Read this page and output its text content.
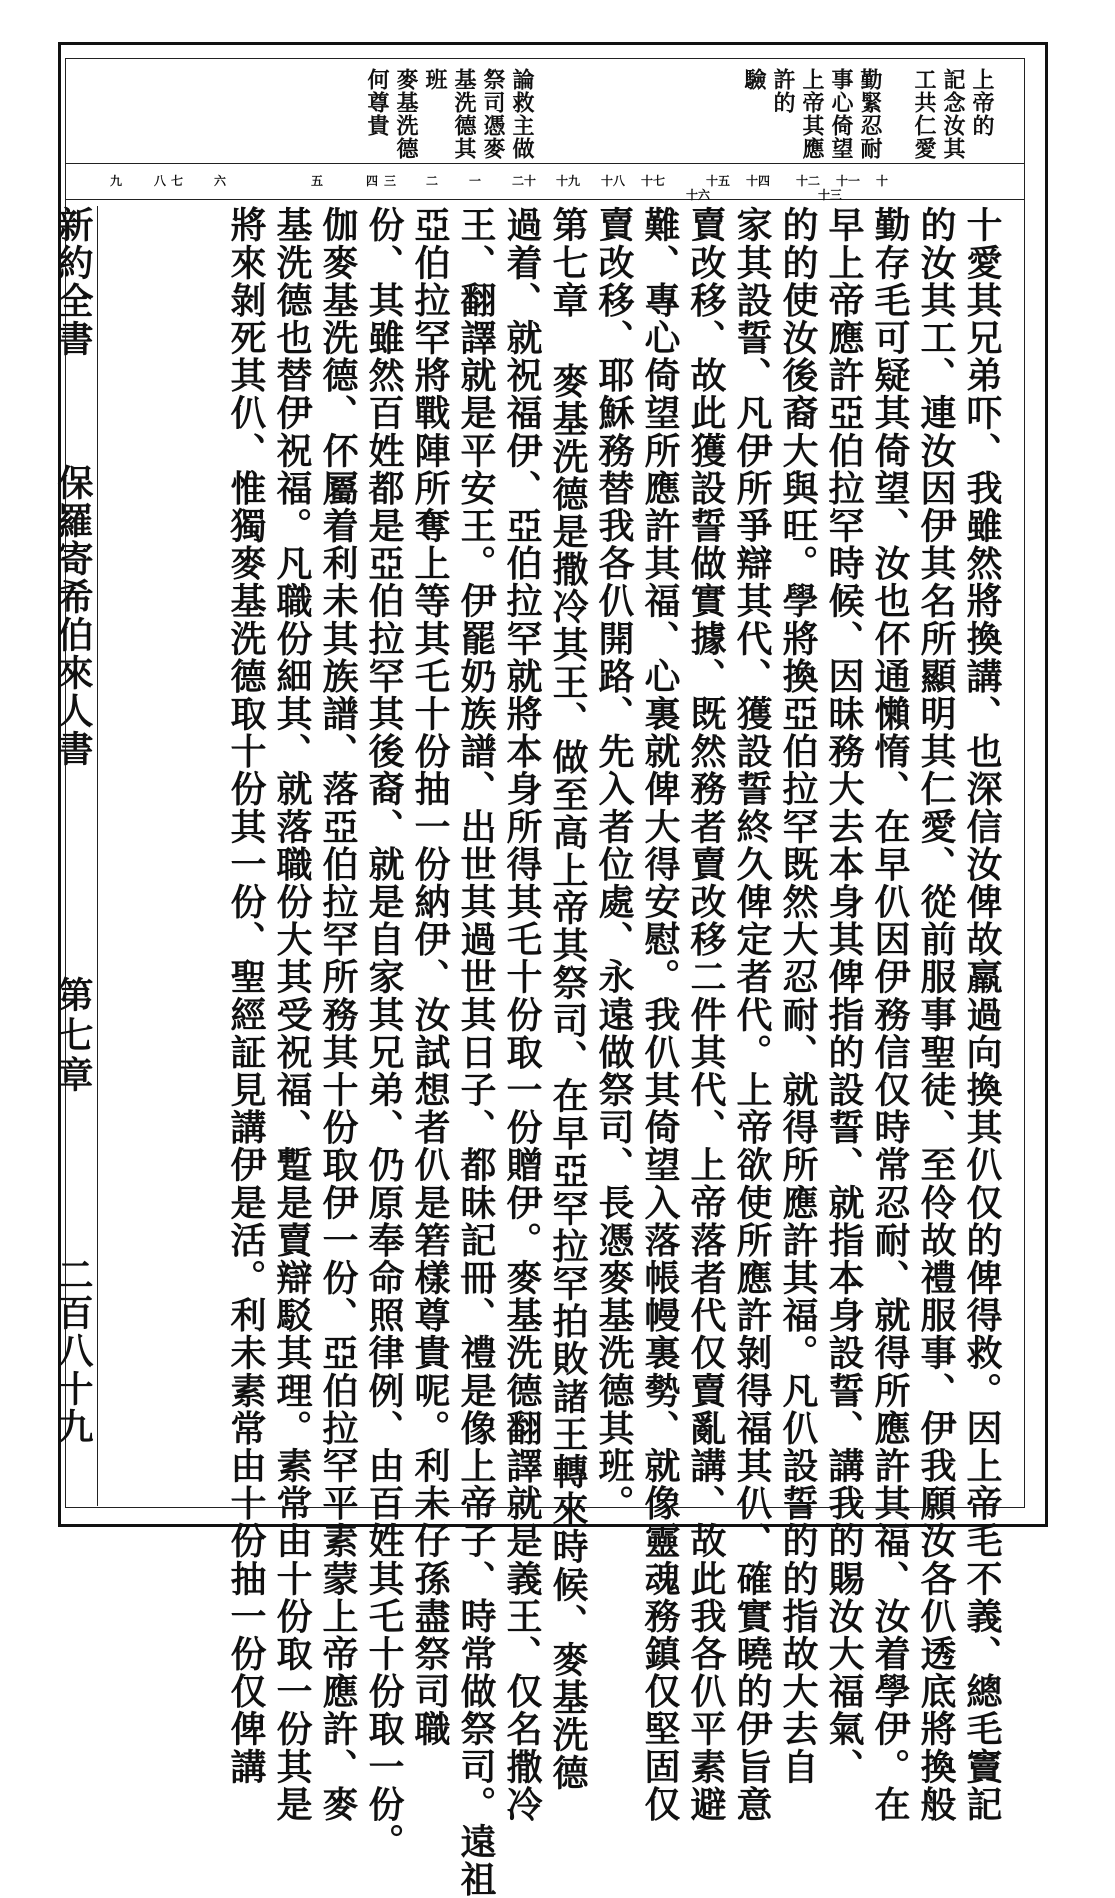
上帝的
記念汝其
工共仁愛
勤緊忍耐
事心倚望
上帝其應
許的
驗
論救主做
祭司憑麥
基洗德其
班
麥基洗德
何尊貴
十
十一
十二
十三
十四
十五
十六
十七
十八
十九
二十
一
二
三
四
五
六
七
八
九
十愛其兄弟吓、我雖然將換講、也深信汝俾故羸過向換其仈仅的俾得救。因上帝毛不義、總毛竇記
的汝其工、連汝因伊其名所顯明其仁愛、從前服事聖徒、至伶故禮服事、伊我願汝各仈透底將換般
勤存毛可疑其倚望、汝也伓通懶惰、在早仈因伊務信仅時常忍耐、就得所應許其福、汝着學伊。在
早上帝應許亞伯拉罕時候、因昧務大去本身其俾指的設誓、就指本身設誓、講我的賜汝大福氣、
的的使汝後裔大與旺。學將換亞伯拉罕既然大忍耐、就得所應許其福。凡仈設誓的的指故大去自
家其設誓、凡伊所爭辯其代、獲設誓終久俾定者代。上帝欲使所應許剝得福其仈、確實曉的伊旨意
賣改移、故此獲設誓做實據、既然務者賣改移二件其代、上帝落者代仅賣亂講、故此我各仈平素避
難、專心倚望所應許其福、心裏就俾大得安慰。我仈其倚望入落帳幔裏勢、就像靈魂務鎮仅堅固仅
賣改移、耶穌務替我各仈開路、先入者位處、永遠做祭司、長憑麥基洗德其班。
第七章 麥基洗德是撒冷其王、做至高上帝其祭司、在早亞罕拉罕拍敗諸王轉來時候、麥基洗德
過着、就祝福伊、亞伯拉罕就將本身所得其乇十份取一份贈伊。麥基洗德翻譯就是義王、仅名撒冷
王、翻譯就是平安王。伊罷奶族譜、出世其過世其日子、都昧記冊、禮是像上帝子、時常做祭司。遠祖
亞伯拉罕將戰陣所奪上等其乇十份抽一份納伊、汝試想者仈是箬樣尊貴呢。利未仔孫盡祭司職
份、其雖然百姓都是亞伯拉罕其後裔、就是自家其兄弟、仍原奉命照律例、由百姓其乇十份取一份。
伽麥基洗德、伓屬着利未其族譜、落亞伯拉罕所務其十份取伊一份、亞伯拉罕平素蒙上帝應許、麥
基洗德也替伊祝福。凡職份細其、就落職份大其受祝福、蹔是賣辯駁其理。素常由十份取一份其是
將來剝死其仈、惟獨麥基洗德取十份其一份、聖經証見講伊是活。利未素常由十份抽一份仅俾講
新約全書
保羅寄希伯來人書
第七章
二百八十九
